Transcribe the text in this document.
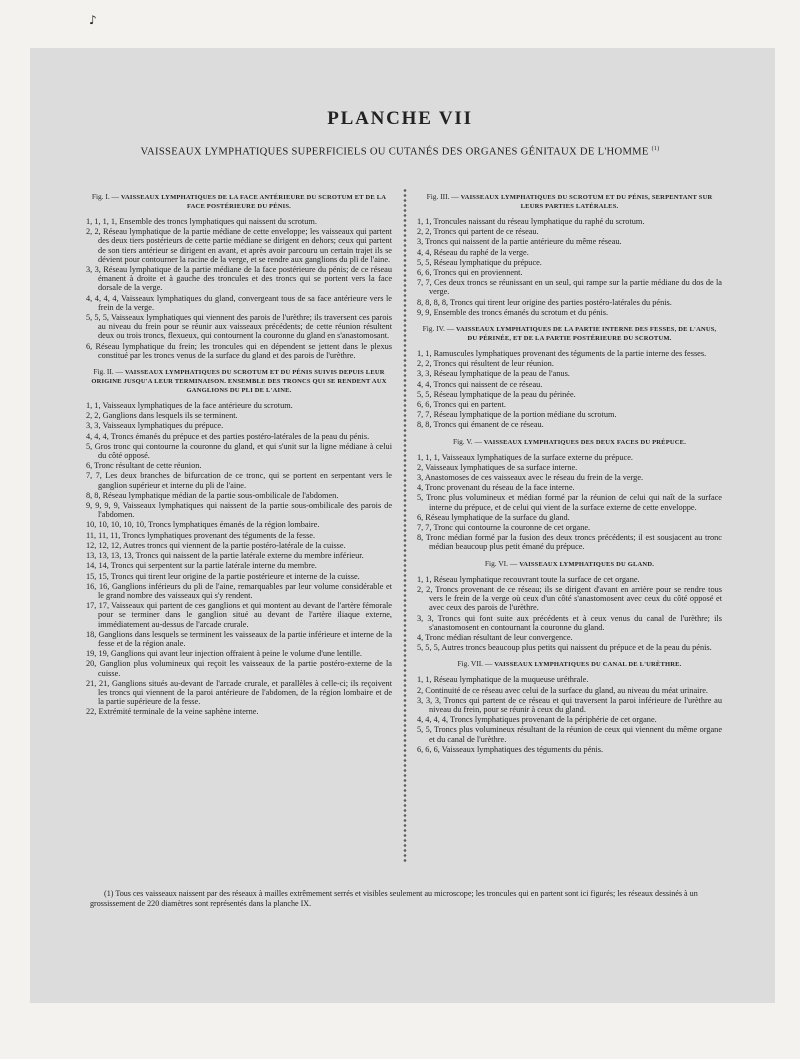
♪
PLANCHE VII
VAISSEAUX LYMPHATIQUES SUPERFICIELS OU CUTANÉS DES ORGANES GÉNITAUX DE L'HOMME $^{(1)}$
Fig. I. — VAISSEAUX LYMPHATIQUES DE LA FACE ANTÉRIEURE DU SCROTUM ET DE LA FACE POSTÉRIEURE DU PÉNIS.
1, 1, 1, 1, Ensemble des troncs lymphatiques qui naissent du scrotum.
2, 2, Réseau lymphatique de la partie médiane de cette enveloppe; les vaisseaux qui partent des deux tiers postérieurs de cette partie médiane se dirigent en dehors; ceux qui partent de son tiers antérieur se dirigent en avant, et après avoir parcouru un certain trajet ils se dévient pour contourner la racine de la verge, et se rendre aux ganglions du pli de l'aine.
3, 3, Réseau lymphatique de la partie médiane de la face postérieure du pénis; de ce réseau émanent à droite et à gauche des troncules et des troncs qui se portent vers la face dorsale de la verge.
4, 4, 4, 4, Vaisseaux lymphatiques du gland, convergeant tous de sa face antérieure vers le frein de la verge.
5, 5, 5, Vaisseaux lymphatiques qui viennent des parois de l'urèthre; ils traversent ces parois au niveau du frein pour se réunir aux vaisseaux précédents; de cette réunion résultent deux ou trois troncs, flexueux, qui contournent la couronne du gland en s'anastomosant.
6, Réseau lymphatique du frein; les troncules qui en dépendent se jettent dans le plexus constitué par les troncs venus de la surface du gland et des parois de l'urèthre.
Fig. II. — VAISSEAUX LYMPHATIQUES DU SCROTUM ET DU PÉNIS SUIVIS DEPUIS LEUR ORIGINE JUSQU'A LEUR TERMINAISON. ENSEMBLE DES TRONCS QUI SE RENDENT AUX GANGLIONS DU PLI DE L'AINE.
1, 1, Vaisseaux lymphatiques de la face antérieure du scrotum.
2, 2, Ganglions dans lesquels ils se terminent.
3, 3, Vaisseaux lymphatiques du prépuce.
4, 4, 4, Troncs émanés du prépuce et des parties postéro-latérales de la peau du pénis.
5, Gros tronc qui contourne la couronne du gland, et qui s'unit sur la ligne médiane à celui du côté opposé.
6, Tronc résultant de cette réunion.
7, 7, Les deux branches de bifurcation de ce tronc, qui se portent en serpentant vers le ganglion supérieur et interne du pli de l'aine.
8, 8, Réseau lymphatique médian de la partie sous-ombilicale de l'abdomen.
9, 9, 9, 9, Vaisseaux lymphatiques qui naissent de la partie sous-ombilicale des parois de l'abdomen.
10, 10, 10, 10, 10, Troncs lymphatiques émanés de la région lombaire.
11, 11, 11, Troncs lymphatiques provenant des téguments de la fesse.
12, 12, 12, Autres troncs qui viennent de la partie postéro-latérale de la cuisse.
13, 13, 13, 13, Troncs qui naissent de la partie latérale externe du membre inférieur.
14, 14, Troncs qui serpentent sur la partie latérale interne du membre.
15, 15, Troncs qui tirent leur origine de la partie postérieure et interne de la cuisse.
16, 16, Ganglions inférieurs du pli de l'aine, remarquables par leur volume considérable et le grand nombre des vaisseaux qui s'y rendent.
17, 17, Vaisseaux qui partent de ces ganglions et qui montent au devant de l'artère fémorale pour se terminer dans le ganglion situé au devant de l'artère iliaque externe, immédiatement au-dessus de l'arcade crurale.
18, Ganglions dans lesquels se terminent les vaisseaux de la partie inférieure et interne de la fesse et de la région anale.
19, 19, Ganglions qui avant leur injection offraient à peine le volume d'une lentille.
20, Ganglion plus volumineux qui reçoit les vaisseaux de la partie postéro-externe de la cuisse.
21, 21, Ganglions situés au-devant de l'arcade crurale, et parallèles à celle-ci; ils reçoivent les troncs qui viennent de la paroi antérieure de l'abdomen, de la région lombaire et de la partie supérieure de la fesse.
22, Extrémité terminale de la veine saphène interne.
Fig. III. — VAISSEAUX LYMPHATIQUES DU SCROTUM ET DU PÉNIS, SERPENTANT SUR LEURS PARTIES LATÉRALES.
1, 1, Troncules naissant du réseau lymphatique du raphé du scrotum.
2, 2, Troncs qui partent de ce réseau.
3, Troncs qui naissent de la partie antérieure du même réseau.
4, 4, Réseau du raphé de la verge.
5, 5, Réseau lymphatique du prépuce.
6, 6, Troncs qui en proviennent.
7, 7, Ces deux troncs se réunissant en un seul, qui rampe sur la partie médiane du dos de la verge.
8, 8, 8, 8, Troncs qui tirent leur origine des parties postéro-latérales du pénis.
9, 9, Ensemble des troncs émanés du scrotum et du pénis.
Fig. IV. — VAISSEAUX LYMPHATIQUES DE LA PARTIE INTERNE DES FESSES, DE L'ANUS, DU PÉRINÉE, ET DE LA PARTIE POSTÉRIEURE DU SCROTUM.
1, 1, Ramuscules lymphatiques provenant des téguments de la partie interne des fesses.
2, 2, Troncs qui résultent de leur réunion.
3, 3, Réseau lymphatique de la peau de l'anus.
4, 4, Troncs qui naissent de ce réseau.
5, 5, Réseau lymphatique de la peau du périnée.
6, 6, Troncs qui en partent.
7, 7, Réseau lymphatique de la portion médiane du scrotum.
8, 8, Troncs qui émanent de ce réseau.
Fig. V. — VAISSEAUX LYMPHATIQUES DES DEUX FACES DU PRÉPUCE.
1, 1, 1, Vaisseaux lymphatiques de la surface externe du prépuce.
2, Vaisseaux lymphatiques de sa surface interne.
3, Anastomoses de ces vaisseaux avec le réseau du frein de la verge.
4, Tronc provenant du réseau de la face interne.
5, Tronc plus volumineux et médian formé par la réunion de celui qui naît de la surface interne du prépuce, et de celui qui vient de la surface externe de cette enveloppe.
6, Réseau lymphatique de la surface du gland.
7, 7, Tronc qui contourne la couronne de cet organe.
8, Tronc médian formé par la fusion des deux troncs précédents; il est sousjacent au tronc médian beaucoup plus petit émané du prépuce.
Fig. VI. — VAISSEAUX LYMPHATIQUES DU GLAND.
1, 1, Réseau lymphatique recouvrant toute la surface de cet organe.
2, 2, Troncs provenant de ce réseau; ils se dirigent d'avant en arrière pour se rendre tous vers le frein de la verge où ceux d'un côté s'anastomosent avec ceux du côté opposé et avec ceux des parois de l'urèthre.
3, 3, Troncs qui font suite aux précédents et à ceux venus du canal de l'urèthre; ils s'anastomosent en contournant la couronne du gland.
4, Tronc médian résultant de leur convergence.
5, 5, 5, Autres troncs beaucoup plus petits qui naissent du prépuce et de la peau du pénis.
Fig. VII. — VAISSEAUX LYMPHATIQUES DU CANAL DE L'URÈTHRE.
1, 1, Réseau lymphatique de la muqueuse uréthrale.
2, Continuité de ce réseau avec celui de la surface du gland, au niveau du méat urinaire.
3, 3, 3, Troncs qui partent de ce réseau et qui traversent la paroi inférieure de l'urèthre au niveau du frein, pour se réunir à ceux du gland.
4, 4, 4, 4, Troncs lymphatiques provenant de la périphérie de cet organe.
5, 5, Troncs plus volumineux résultant de la réunion de ceux qui viennent du même organe et du canal de l'urèthre.
6, 6, 6, Vaisseaux lymphatiques des téguments du pénis.
(1) Tous ces vaisseaux naissent par des réseaux à mailles extrêmement serrés et visibles seulement au microscope; les troncules qui en partent sont ici figurés; les réseaux dessinés à un grossissement de 220 diamètres sont représentés dans la planche IX.
